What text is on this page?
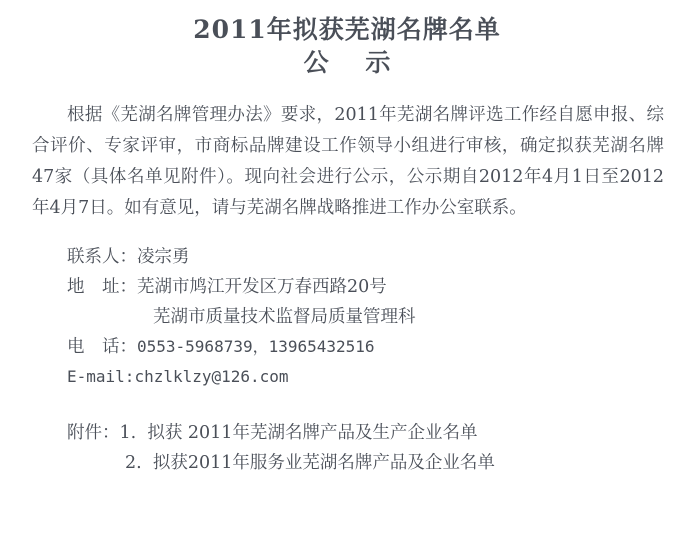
2011年拟获芜湖名牌名单
公 示

根据《芜湖名牌管理办法》要求，2011年芜湖名牌评选工作经自愿申报、综合评价、专家评审，市商标品牌建设工作领导小组进行审核，确定拟获芜湖名牌47家（具体名单见附件）。现向社会进行公示，公示期自2012年4月1日至2012年4月7日。如有意见，请与芜湖名牌战略推进工作办公室联系。

联系人：凌宗勇
地　址：芜湖市鸠江开发区万春西路20号
芜湖市质量技术监督局质量管理科
电　话：0553-5968739，13965432516
E-mail:chzlklzy@126.com
附件：1. 拟获 2011年芜湖名牌产品及生产企业名单
2. 拟获2011年服务业芜湖名牌产品及企业名单
